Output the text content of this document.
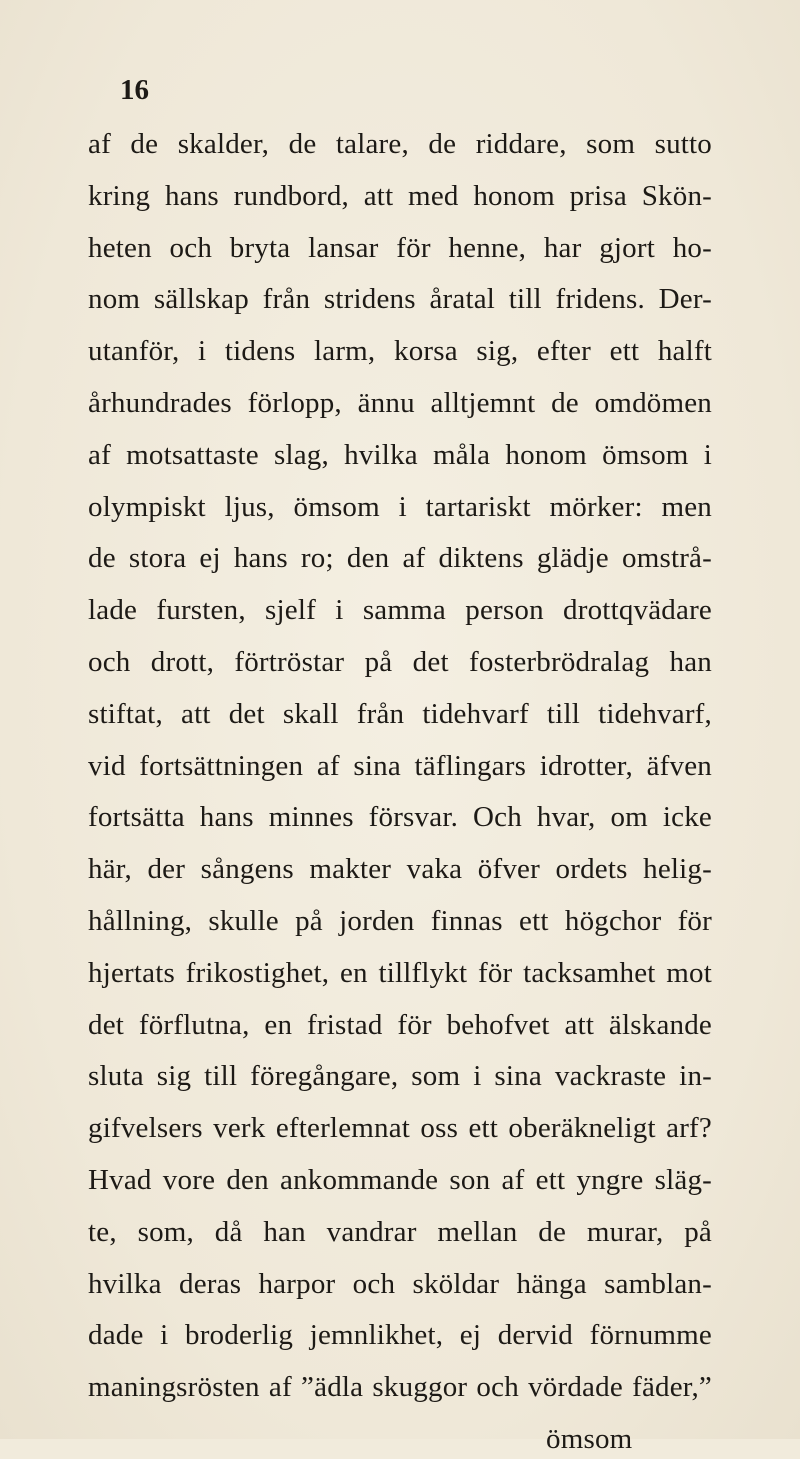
16
af de skalder, de talare, de riddare, som sutto
kring hans rundbord, att med honom prisa Skön-
heten och bryta lansar för henne, har gjort ho-
nom sällskap från stridens åratal till fridens. Der-
utanför, i tidens larm, korsa sig, efter ett halft
århundrades förlopp, ännu alltjemnt de omdömen
af motsattaste slag, hvilka måla honom ömsom i
olympiskt ljus, ömsom i tartariskt mörker: men
de stora ej hans ro; den af diktens glädje omstrå-
lade fursten, sjelf i samma person drottqvädare
och drott, förtröstar på det fosterbrödralag han
stiftat, att det skall från tidehvarf till tidehvarf,
vid fortsättningen af sina täflingars idrotter, äfven
fortsätta hans minnes försvar. Och hvar, om icke
här, der sångens makter vaka öfver ordets helig-
hållning, skulle på jorden finnas ett högchor för
hjertats frikostighet, en tillflykt för tacksamhet mot
det förflutna, en fristad för behofvet att älskande
sluta sig till föregångare, som i sina vackraste in-
gifvelsers verk efterlemnat oss ett oberäkneligt arf?
Hvad vore den ankommande son af ett yngre släg-
te, som, då han vandrar mellan de murar, på
hvilka deras harpor och sköldar hänga samblan-
dade i broderlig jemnlikhet, ej dervid förnumme
maningsrösten af ”ädla skuggor och vördade fäder,”
ömsom
